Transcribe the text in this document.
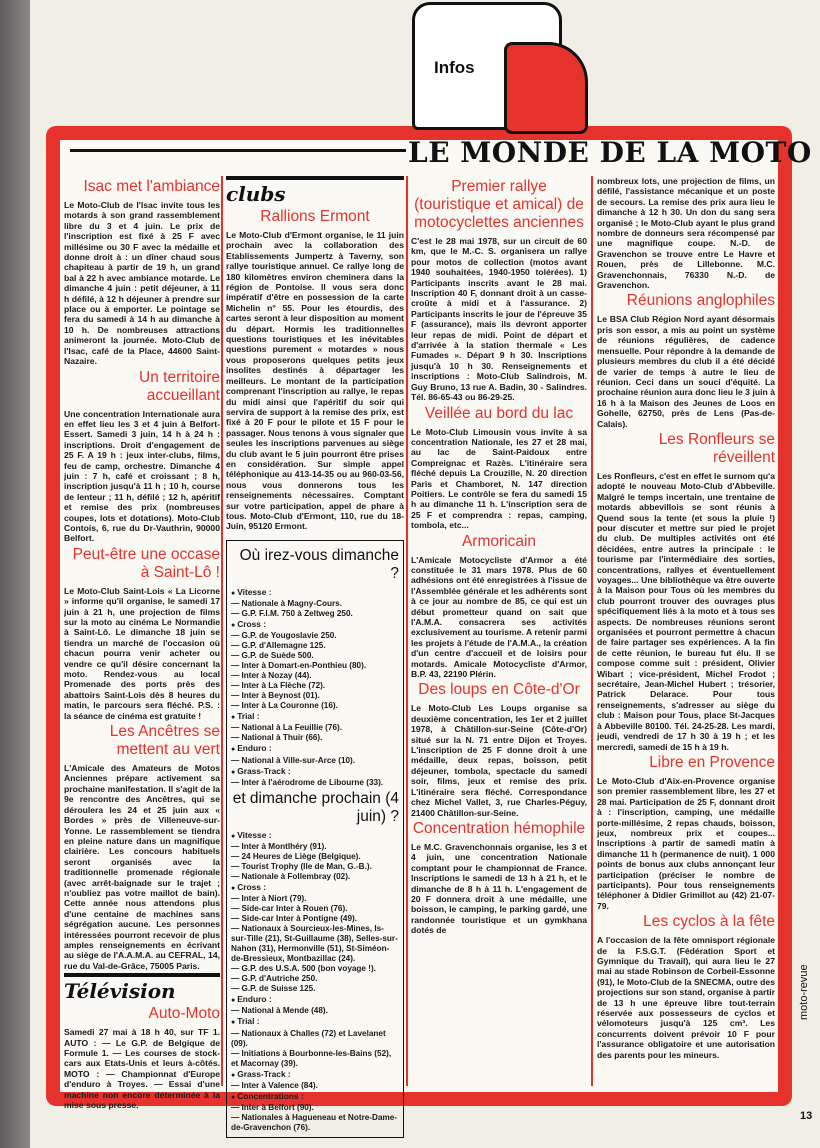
Infos
LE MONDE DE LA MOTO
Isac met l'ambiance
Le Moto-Club de l'Isac invite tous les motards à son grand rassemblement libre du 3 et 4 juin. Le prix de l'inscription est fixé à 25 F avec millésime ou 30 F avec la médaille et donne droit à : un dîner chaud sous chapiteau à partir de 19 h, un grand bal à 22 h avec ambiance motarde. Le dimanche 4 juin : petit déjeuner, à 11 h défilé, à 12 h déjeuner à prendre sur place ou à emporter. Le pointage se fera du samedi à 14 h au dimanche à 10 h. De nombreuses attractions animeront la journée. Moto-Club de l'Isac, café de la Place, 44600 Saint-Nazaire.
Un territoire accueillant
Une concentration Internationale aura en effet lieu les 3 et 4 juin à Belfort-Essert. Samedi 3 juin, 14 h à 24 h : inscriptions. Droit d'engagement de 25 F. A 19 h : jeux inter-clubs, films, feu de camp, orchestre. Dimanche 4 juin : 7 h, café et croissant ; 8 h, inscription jusqu'à 11 h ; 10 h, course de lenteur ; 11 h, défilé ; 12 h, apéritif et remise des prix (nombreuses coupes, lots et dotations). Moto-Club Contois, 6, rue du Dr-Vauthrin, 90000 Belfort.
Peut-être une occase à Saint-Lô !
Le Moto-Club Saint-Lois « La Licorne » informe qu'il organise, le samedi 17 juin à 21 h, une projection de films sur la moto au cinéma Le Normandie à Saint-Lô. Le dimanche 18 juin se tiendra un marché de l'occasion où chacun pourra venir acheter ou vendre ce qu'il désire concernant la moto. Rendez-vous au local Promenade des ports près des abattoirs Saint-Lois dès 8 heures du matin, le parcours sera fléché. P.S. : la séance de cinéma est gratuite !
Les Ancêtres se mettent au vert
L'Amicale des Amateurs de Motos Anciennes prépare activement sa prochaine manifestation. Il s'agit de la 9e rencontre des Ancêtres, qui se déroulera les 24 et 25 juin aux « Bordes » près de Villeneuve-sur-Yonne. Le rassemblement se tiendra en pleine nature dans un magnifique clairière. Les concours habituels seront organisés avec la traditionnelle promenade régionale (avec arrêt-baignade sur le trajet ; n'oubliez pas votre maillot de bain). Cette année nous attendons plus d'une centaine de machines sans ségrégation aucune. Les personnes intéressées pourront recevoir de plus amples renseignements en écrivant au siège de l'A.A.M.A. au CEFRAL, 14, rue du Val-de-Grâce, 75005 Paris.
Télévision
Auto-Moto
Samedi 27 mai à 18 h 40, sur TF 1. AUTO : — Le G.P. de Belgique de Formule 1. — Les courses de stock-cars aux Etats-Unis et leurs à-côtés. MOTO : — Championnat d'Europe d'enduro à Troyes. — Essai d'une machine non encore déterminée à la mise sous presse.
clubs
Rallions Ermont
Le Moto-Club d'Ermont organise, le 11 juin prochain avec la collaboration des Etablissements Jumpertz à Taverny, son rallye touristique annuel. Ce rallye long de 180 kilomètres environ cheminera dans la région de Pontoise. Il vous sera donc impératif d'être en possession de la carte Michelin n° 55. Pour les étourdis, des cartes seront à leur disposition au moment du départ. Hormis les traditionnelles questions touristiques et les inévitables questions purement « motardes » nous vous proposerons quelques petits jeux insolites destinés à départager les meilleurs. Le montant de la participation comprenant l'inscription au rallye, le repas du midi ainsi que l'apéritif du soir qui servira de support à la remise des prix, est fixé à 20 F pour le pilote et 15 F pour le passager. Nous tenons à vous signaler que seules les inscriptions parvenues au siège du club avant le 5 juin pourront être prises en considération. Sur simple appel téléphonique au 413-14-35 ou au 960-03-56, nous vous donnerons tous les renseignements nécessaires. Comptant sur votre participation, appel de phare à tous. Moto-Club d'Ermont, 110, rue du 18-Juin, 95120 Ermont.
Où irez-vous dimanche ?
● Vitesse :
— Nationale à Magny-Cours.
— G.P. F.I.M. 750 à Zeltweg 250.
● Cross :
— G.P. de Yougoslavie 250.
— G.P. d'Allemagne 125.
— G.P. de Suède 500.
— Inter à Domart-en-Ponthieu (80).
— Inter à Nozay (44).
— Inter à La Flèche (72).
— Inter à Beynost (01).
— Inter à La Couronne (16).
● Trial :
— National à La Feuillie (76).
— National à Thuir (66).
● Enduro :
— National à Ville-sur-Arce (10).
● Grass-Track :
— Inter à l'aérodrome de Libourne (33).
et dimanche prochain (4 juin) ?
● Vitesse :
— Inter à Montlhéry (91).
— 24 Heures de Liège (Belgique).
— Tourist Trophy (Ile de Man, G.-B.).
— Nationale à Follembray (02).
● Cross :
— Inter à Niort (79).
— Side-car Inter à Rouen (76).
— Side-car Inter à Pontigne (49).
— Nationaux à Sourcieux-les-Mines, Is-sur-Tille (21), St-Guillaume (38), Selles-sur-Nahon (31), Hermonville (51), St-Siméon-de-Bressieux, Montbazillac (24).
— G.P. des U.S.A. 500 (bon voyage !).
— G.P. d'Autriche 250.
— G.P. de Suisse 125.
● Enduro :
— National à Mende (48).
● Trial :
— Nationaux à Challes (72) et Lavelanet (09).
— Initiations à Bourbonne-les-Bains (52), et Macornay (39).
● Grass-Track :
— Inter à Valence (84).
● Concentrations :
— Inter à Belfort (90).
— Nationales à Hagueneau et Notre-Dame-de-Gravenchon (76).
Premier rallye (touristique et amical) de motocyclettes anciennes
C'est le 28 mai 1978, sur un circuit de 60 km, que le M.-C. S. organisera un rallye pour motos de collection (motos avant 1940 souhaitées, 1940-1950 tolérées). 1) Participants inscrits avant le 28 mai. Inscription 40 F, donnant droit à un casse-croûte à midi et à l'assurance. 2) Participants inscrits le jour de l'épreuve 35 F (assurance), mais ils devront apporter leur repas de midi. Point de départ et d'arrivée à la station thermale « Les Fumades ». Départ 9 h 30. Inscriptions jusqu'à 10 h 30. Renseignements et inscriptions : Moto-Club Salindrois, M. Guy Bruno, 13 rue A. Badin, 30 - Salindres. Tél. 86-65-43 ou 86-29-25.
Veillée au bord du lac
Le Moto-Club Limousin vous invite à sa concentration Nationale, les 27 et 28 mai, au lac de Saint-Paidoux entre Compreignac et Razès. L'itinéraire sera fléché depuis La Crouzille, N. 20 direction Paris et Chamboret, N. 147 direction Poitiers. Le contrôle se fera du samedi 15 h au dimanche 11 h. L'inscription sera de 25 F et comprendra : repas, camping, tombola, etc...
Armoricain
L'Amicale Motocycliste d'Armor a été constituée le 31 mars 1978. Plus de 60 adhésions ont été enregistrées à l'issue de l'Assemblée générale et les adhérents sont à ce jour au nombre de 85, ce qui est un début prometteur quand on sait que l'A.M.A. consacrera ses activités exclusivement au tourisme. A retenir parmi les projets à l'étude de l'A.M.A., la création d'un centre d'accueil et de loisirs pour motards. Amicale Motocycliste d'Armor, B.P. 43, 22190 Plérin.
Des loups en Côte-d'Or
Le Moto-Club Les Loups organise sa deuxième concentration, les 1er et 2 juillet 1978, à Châtillon-sur-Seine (Côte-d'Or) situé sur la N. 71 entre Dijon et Troyes. L'inscription de 25 F donne droit à une médaille, deux repas, boisson, petit déjeuner, tombola, spectacle du samedi soir, films, jeux et remise des prix. L'itinéraire sera fléché. Correspondance chez Michel Vallet, 3, rue Charles-Péguy, 21400 Châtillon-sur-Seine.
Concentration hémophile
Le M.C. Gravenchonnais organise, les 3 et 4 juin, une concentration Nationale comptant pour le championnat de France. Inscriptions le samedi de 13 h à 21 h, et le dimanche de 8 h à 11 h. L'engagement de 20 F donnera droit à une médaille, une boisson, le camping, le parking gardé, une randonnée touristique et un gymkhana dotés de
nombreux lots, une projection de films, un défilé, l'assistance mécanique et un poste de secours. La remise des prix aura lieu le dimanche à 12 h 30. Un don du sang sera organisé ; le Moto-Club ayant le plus grand nombre de donneurs sera récompensé par une magnifique coupe. N.-D. de Gravenchon se trouve entre Le Havre et Rouen, près de Lillebonne. M.C. Gravenchonnais, 76330 N.-D. de Gravenchon.
Réunions anglophiles
Le BSA Club Région Nord ayant désormais pris son essor, a mis au point un système de réunions régulières, de cadence mensuelle. Pour répondre à la demande de plusieurs membres du club il a été décidé de varier de temps à autre le lieu de réunion. Ceci dans un souci d'équité. La prochaine réunion aura donc lieu le 3 juin à 16 h à la Maison des Jeunes de Loos en Gohelle, 62750, près de Lens (Pas-de-Calais).
Les Ronfleurs se réveillent
Les Ronfleurs, c'est en effet le surnom qu'a adopté le nouveau Moto-Club d'Abbeville. Malgré le temps incertain, une trentaine de motards abbevillois se sont réunis à Quend sous la tente (et sous la pluie !) pour discuter et mettre sur pied le projet du club. De multiples activités ont été décidées, entre autres la principale : le tourisme par l'intermédiaire des sorties, concentrations, rallyes et éventuellement voyages... Une bibliothèque va être ouverte à la Maison pour Tous où les membres du club pourront trouver des ouvrages plus spécifiquement liés à la moto et à tous ses aspects. De nombreuses réunions seront organisées et pourront permettre à chacun de faire partager ses expériences. A la fin de cette réunion, le bureau fut élu. Il se compose comme suit : président, Olivier Wibart ; vice-président, Michel Frodot ; secrétaire, Jean-Michel Hubert ; trésorier, Patrick Delarace. Pour tous renseignements, s'adresser au siège du club : Maison pour Tous, place St-Jacques à Abbeville 80100. Tél. 24-25-28. Les mardi, jeudi, vendredi de 17 h 30 à 19 h ; et les mercredi, samedi de 15 h à 19 h.
Libre en Provence
Le Moto-Club d'Aix-en-Provence organise son premier rassemblement libre, les 27 et 28 mai. Participation de 25 F, donnant droit à : l'inscription, camping, une médaille porte-millésime, 2 repas chauds, boisson, jeux, nombreux prix et coupes... Inscriptions à partir de samedi matin à dimanche 11 h (permanence de nuit). 1 000 points de bonus aux clubs annonçant leur participation (préciser le nombre de participants). Pour tous renseignements téléphoner à Didier Grimillot au (42) 21-07-79.
Les cyclos à la fête
A l'occasion de la fête omnisport régionale de la F.S.G.T. (Fédération Sport et Gymnique du Travail), qui aura lieu le 27 mai au stade Robinson de Corbeil-Essonne (91), le Moto-Club de la SNECMA, outre des projections sur son stand, organise à partir de 13 h une épreuve libre tout-terrain réservée aux possesseurs de cyclos et vélomoteurs jusqu'à 125 cm³. Les concurrents doivent prévoir 10 F pour l'assurance obligatoire et une autorisation des parents pour les mineurs.
moto-revue
13
